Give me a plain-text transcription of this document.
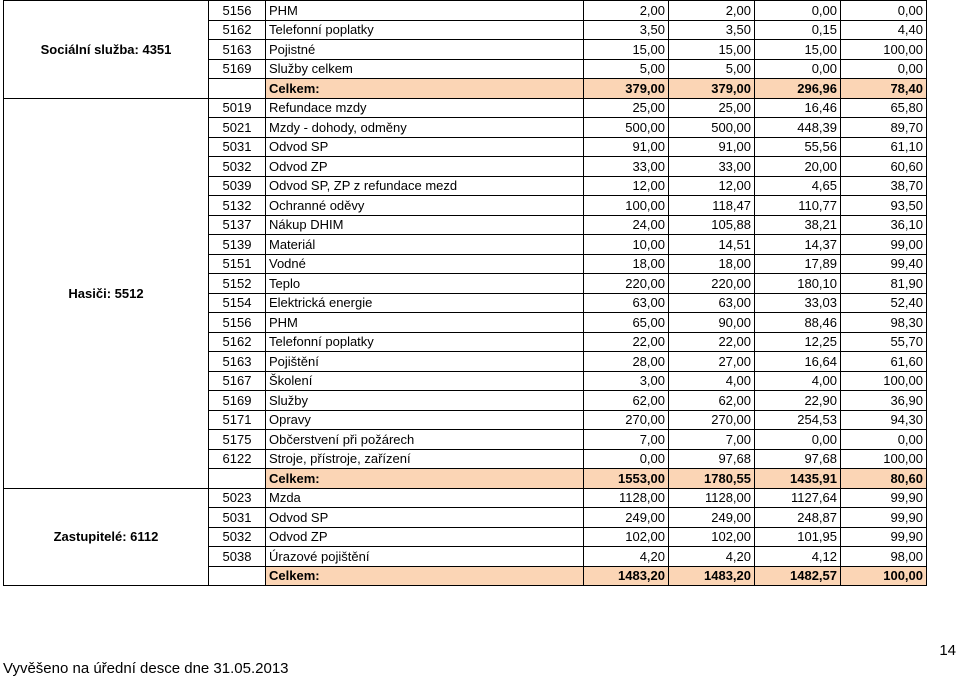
Sociální služba: 4351	5156	PHM	2,00	2,00	0,00	0,00
	5162	Telefonní poplatky	3,50	3,50	0,15	4,40
	5163	Pojistné	15,00	15,00	15,00	100,00
	5169	Služby celkem	5,00	5,00	0,00	0,00
		Celkem:	379,00	379,00	296,96	78,40
Hasiči: 5512	5019	Refundace mzdy	25,00	25,00	16,46	65,80
	5021	Mzdy - dohody, odměny	500,00	500,00	448,39	89,70
	5031	Odvod SP	91,00	91,00	55,56	61,10
	5032	Odvod ZP	33,00	33,00	20,00	60,60
	5039	Odvod SP, ZP z refundace mezd	12,00	12,00	4,65	38,70
	5132	Ochranné oděvy	100,00	118,47	110,77	93,50
	5137	Nákup DHIM	24,00	105,88	38,21	36,10
	5139	Materiál	10,00	14,51	14,37	99,00
	5151	Vodné	18,00	18,00	17,89	99,40
	5152	Teplo	220,00	220,00	180,10	81,90
	5154	Elektrická energie	63,00	63,00	33,03	52,40
	5156	PHM	65,00	90,00	88,46	98,30
	5162	Telefonní poplatky	22,00	22,00	12,25	55,70
	5163	Pojištění	28,00	27,00	16,64	61,60
	5167	Školení	3,00	4,00	4,00	100,00
	5169	Služby	62,00	62,00	22,90	36,90
	5171	Opravy	270,00	270,00	254,53	94,30
	5175	Občerstvení při požárech	7,00	7,00	0,00	0,00
	6122	Stroje, přístroje, zařízení	0,00	97,68	97,68	100,00
		Celkem:	1553,00	1780,55	1435,91	80,60
Zastupitelé: 6112	5023	Mzda	1128,00	1128,00	1127,64	99,90
	5031	Odvod SP	249,00	249,00	248,87	99,90
	5032	Odvod ZP	102,00	102,00	101,95	99,90
	5038	Úrazové pojištění	4,20	4,20	4,12	98,00
		Celkem:	1483,20	1483,20	1482,57	100,00
Vyvěšeno na úřední desce dne 31.05.2013
14
